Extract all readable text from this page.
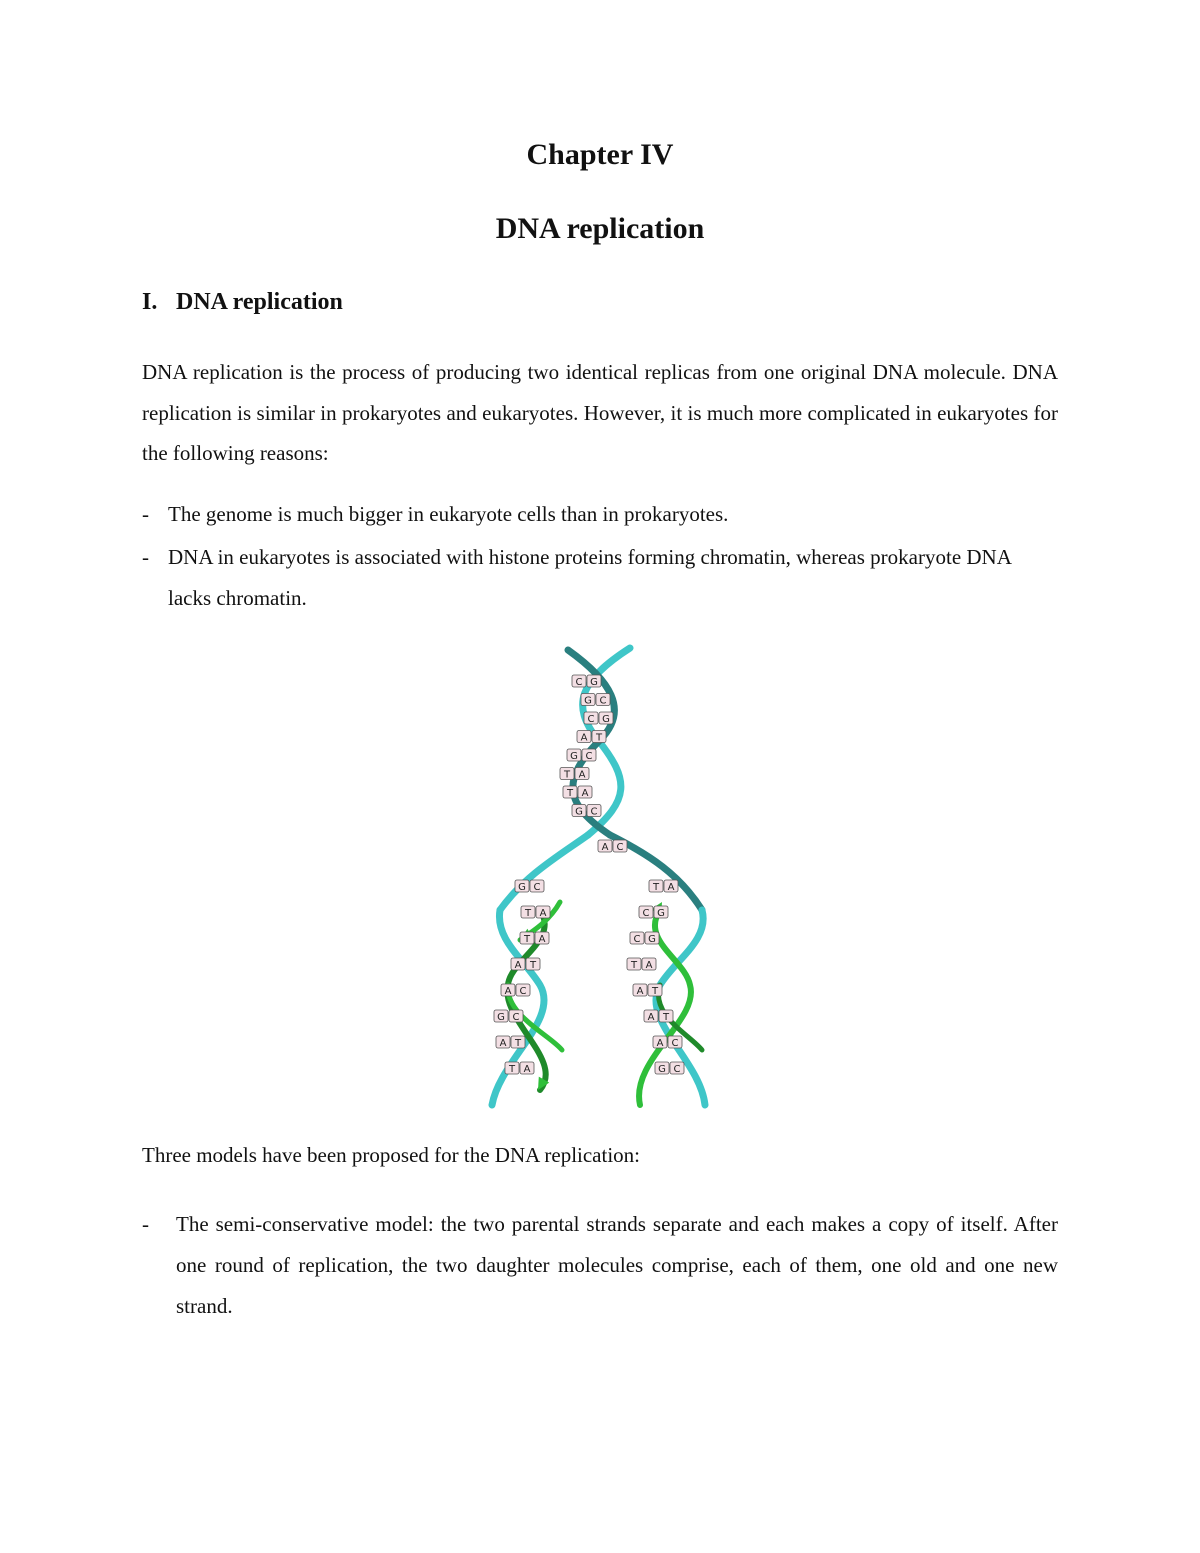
Chapter IV
DNA replication
I. DNA replication

DNA replication is the process of producing two identical replicas from one original DNA molecule. DNA replication is similar in prokaryotes and eukaryotes. However, it is much more complicated in eukaryotes for the following reasons:

- The genome is much bigger in eukaryote cells than in prokaryotes.
- DNA in eukaryotes is associated with histone proteins forming chromatin, whereas prokaryote DNA lacks chromatin.
C G
G C
C G
A T
G C
T A
T A
G C
A C
G C
T A
T A
A T
A C
G C
A T
T A
T A
C G
C G
T A
A T
A T
A C
G C
Three models have been proposed for the DNA replication:
- The semi-conservative model: the two parental strands separate and each makes a copy of itself. After one round of replication, the two daughter molecules comprise, each of them, one old and one new strand.
